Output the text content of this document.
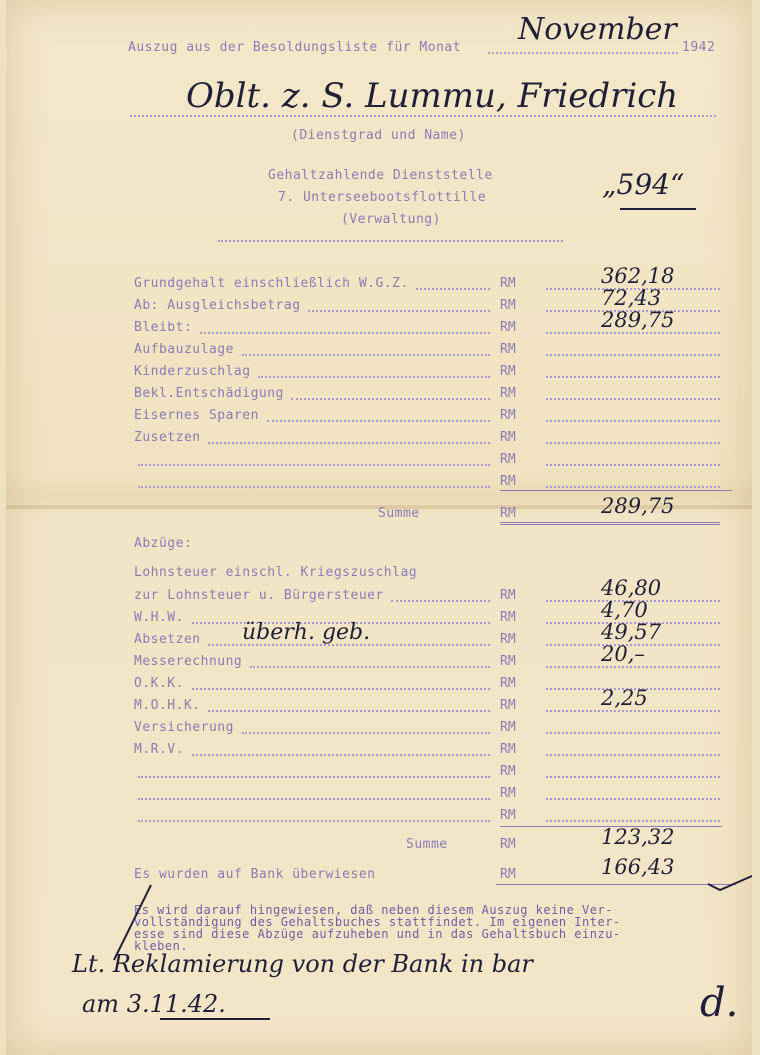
Auszug aus der Besoldungsliste für Monat
November
1942
Oblt. z. S. Lummu, Friedrich
(Dienstgrad und Name)
Gehaltzahlende Dienststelle
7. Unterseebootsflottille
(Verwaltung)
„594“
Grundgehalt einschließlich W.G.Z.	RM	362,18
Ab: Ausgleichsbetrag	RM	72,43
Bleibt:	RM	289,75
Aufbauzulage	RM
Kinderzuschlag	RM
Bekl.Entschädigung	RM
Eisernes Sparen	RM
Zusetzen	RM
RM
RM
Summe	RM	289,75
Abzüge:
Lohnsteuer einschl. Kriegszuschlag
zur Lohnsteuer u. Bürgersteuer	RM	46,80
W.H.W.	RM	4,70
Absetzen	RM	49,57
überh. geb.
Messerechnung	RM	20,–
O.K.K.	RM
M.O.H.K.	RM	2,25
Versicherung	RM
M.R.V.	RM
RM
RM
RM
Summe	RM	123,32
Es wurden auf Bank überwiesen	RM	166,43
Es wird darauf hingewiesen, daß neben diesem Auszug keine Ver-
vollständigung des Gehaltsbuches stattfindet. Im eigenen Inter-
esse sind diese Abzüge aufzuheben und in das Gehaltsbuch einzu-
kleben.
Lt. Reklamierung von der Bank in bar
am 3.11.42.	d.
